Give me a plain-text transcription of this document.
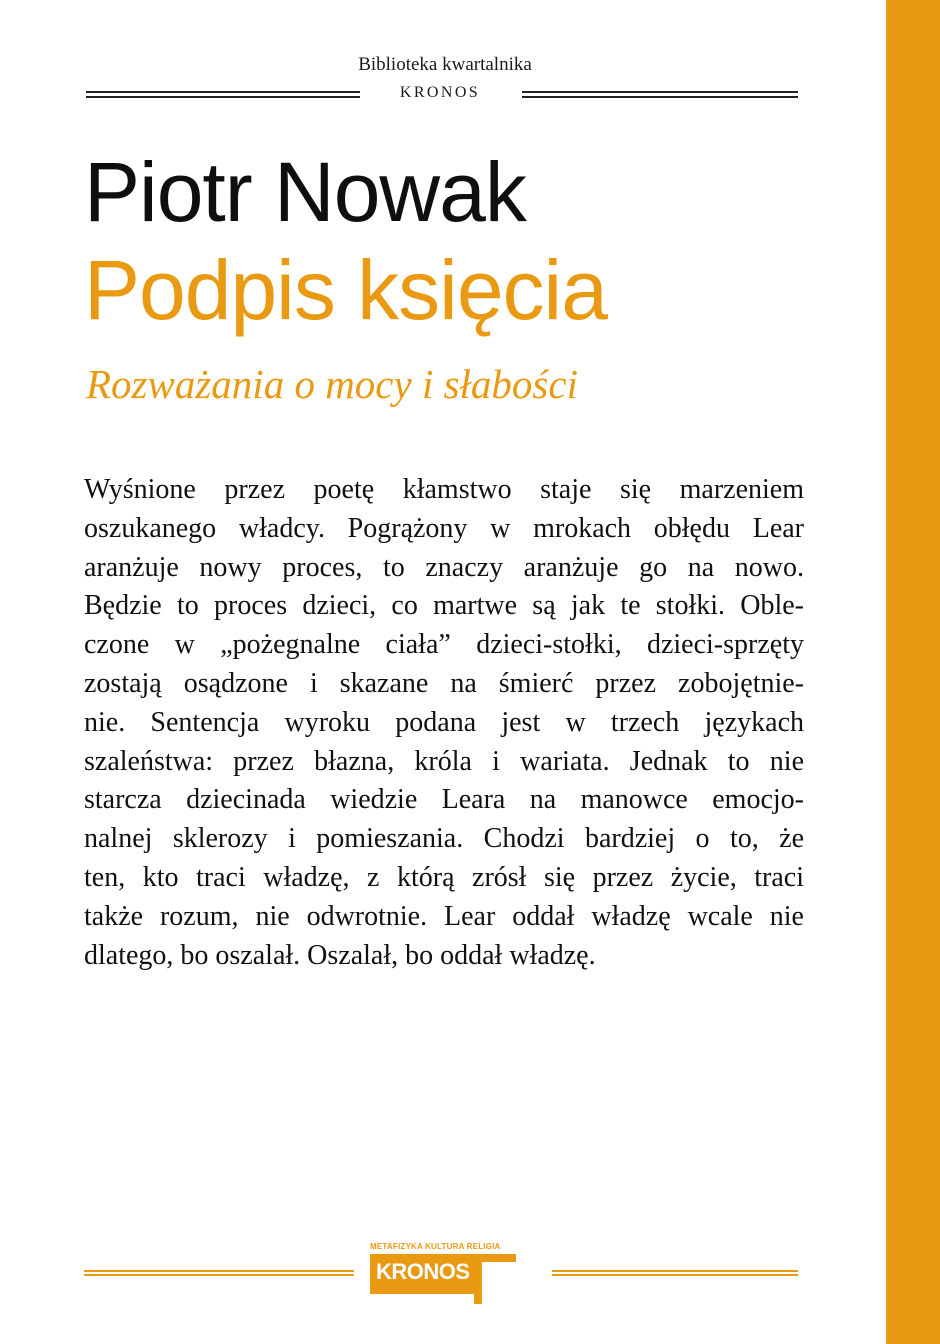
Biblioteka kwartalnika
KRONOS
Piotr Nowak
Podpis księcia
Rozważania o mocy i słabości
Wyśnione przez poetę kłamstwo staje się marzeniem
oszukanego władcy. Pogrążony w mrokach obłędu Lear
aranżuje nowy proces, to znaczy aranżuje go na nowo.
Będzie to proces dzieci, co martwe są jak te stołki. Oble-
czone w „pożegnalne ciała” dzieci-stołki, dzieci-sprzęty
zostają osądzone i skazane na śmierć przez zobojętnie-
nie. Sentencja wyroku podana jest w trzech językach
szaleństwa: przez błazna, króla i wariata. Jednak to nie
starcza dziecinada wiedzie Leara na manowce emocjo-
nalnej sklerozy i pomieszania. Chodzi bardziej o to, że
ten, kto traci władzę, z którą zrósł się przez życie, traci
także rozum, nie odwrotnie. Lear oddał władzę wcale nie
dlatego, bo oszalał. Oszalał, bo oddał władzę.
METAFIZYKA KULTURA RELIGIA
KRONOS
